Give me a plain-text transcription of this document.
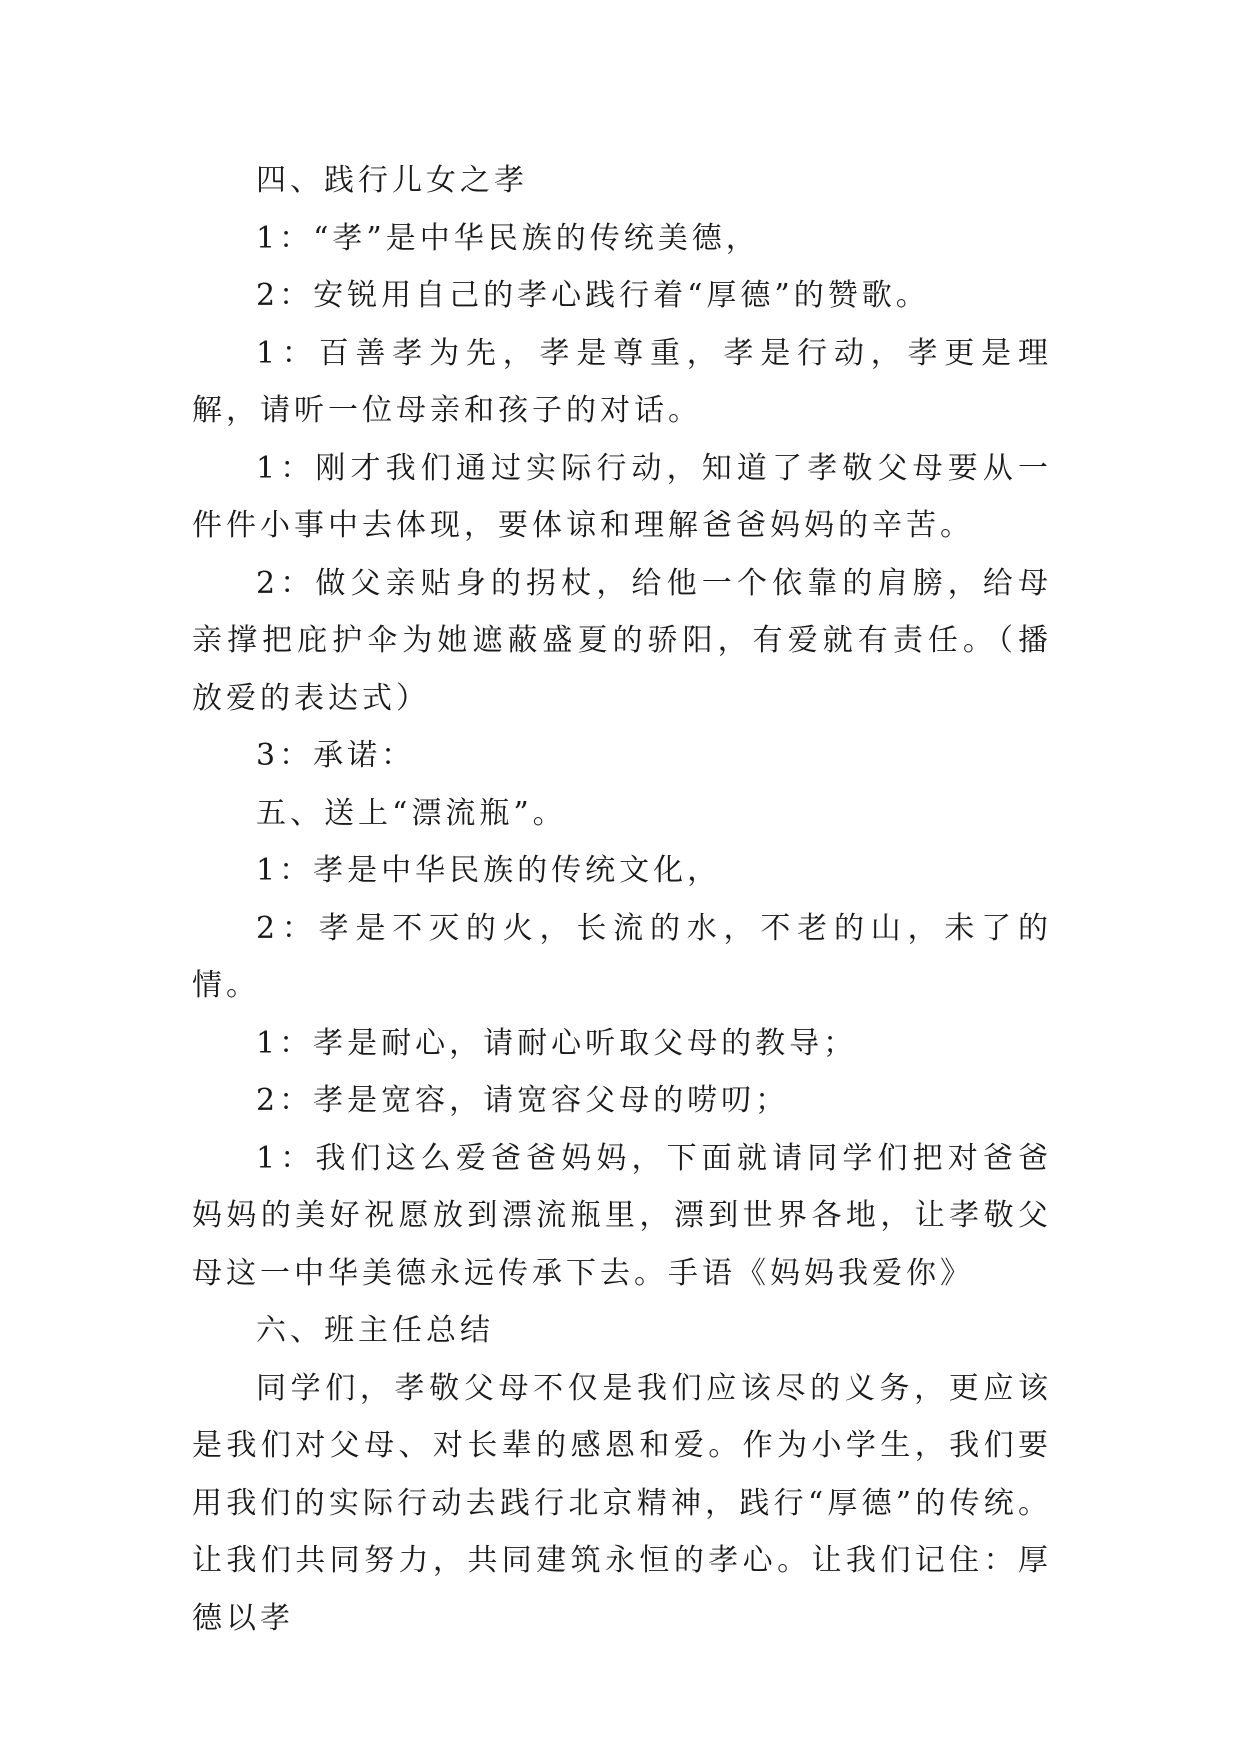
四、践行儿女之孝

1：“孝”是中华民族的传统美德，

2：安锐用自己的孝心践行着“厚德”的赞歌。

1：百善孝为先，孝是尊重，孝是行动，孝更是理解，请听一位母亲和孩子的对话。

1：刚才我们通过实际行动，知道了孝敬父母要从一件件小事中去体现，要体谅和理解爸爸妈妈的辛苦。

2：做父亲贴身的拐杖，给他一个依靠的肩膀，给母亲撑把庇护伞为她遮蔽盛夏的骄阳，有爱就有责任。（播放爱的表达式）

3：承诺：

五、送上“漂流瓶”。

1：孝是中华民族的传统文化，

2：孝是不灭的火，长流的水，不老的山，未了的情。

1：孝是耐心，请耐心听取父母的教导；

2：孝是宽容，请宽容父母的唠叨；

1：我们这么爱爸爸妈妈，下面就请同学们把对爸爸妈妈的美好祝愿放到漂流瓶里，漂到世界各地，让孝敬父母这一中华美德永远传承下去。手语《妈妈我爱你》

六、班主任总结

同学们，孝敬父母不仅是我们应该尽的义务，更应该是我们对父母、对长辈的感恩和爱。作为小学生，我们要用我们的实际行动去践行北京精神，践行“厚德”的传统。让我们共同努力，共同建筑永恒的孝心。让我们记住：厚德以孝
